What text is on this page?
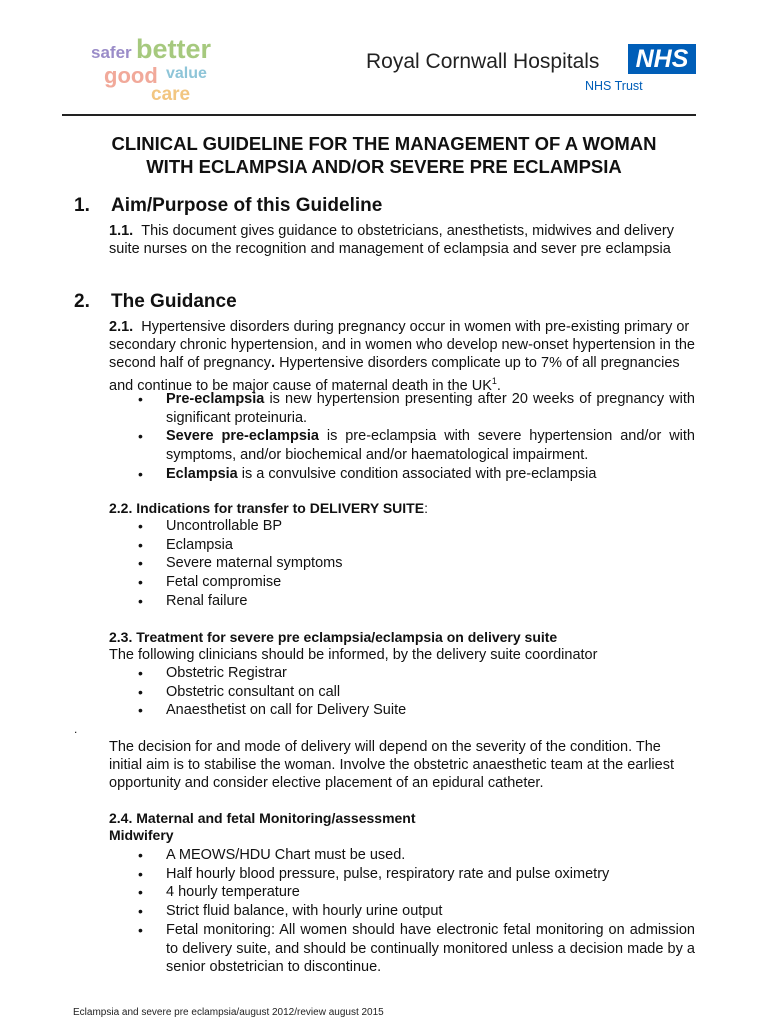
safer better
good value
care
Royal Cornwall Hospitals	NHS
NHS Trust
CLINICAL GUIDELINE FOR THE MANAGEMENT OF A WOMAN
WITH ECLAMPSIA AND/OR SEVERE PRE ECLAMPSIA
1. Aim/Purpose of this Guideline
1.1. This document gives guidance to obstetricians, anesthetists, midwives and delivery suite nurses on the recognition and management of eclampsia and sever pre eclampsia
2. The Guidance
2.1. Hypertensive disorders during pregnancy occur in women with pre-existing primary or secondary chronic hypertension, and in women who develop new-onset hypertension in the second half of pregnancy. Hypertensive disorders complicate up to 7% of all pregnancies and continue to be major cause of maternal death in the $UK^1$.
• Pre-eclampsia is new hypertension presenting after 20 weeks of pregnancy with significant proteinuria.
• Severe pre-eclampsia is pre-eclampsia with severe hypertension and/or with symptoms, and/or biochemical and/or haematological impairment.
• Eclampsia is a convulsive condition associated with pre-eclampsia
2.2. Indications for transfer to DELIVERY SUITE:
• Uncontrollable BP
• Eclampsia
• Severe maternal symptoms
• Fetal compromise
• Renal failure
2.3. Treatment for severe pre eclampsia/eclampsia on delivery suite
The following clinicians should be informed, by the delivery suite coordinator
• Obstetric Registrar
• Obstetric consultant on call
• Anaesthetist on call for Delivery Suite
.
The decision for and mode of delivery will depend on the severity of the condition. The initial aim is to stabilise the woman. Involve the obstetric anaesthetic team at the earliest opportunity and consider elective placement of an epidural catheter.
2.4. Maternal and fetal Monitoring/assessment
Midwifery
• A MEOWS/HDU Chart must be used.
• Half hourly blood pressure, pulse, respiratory rate and pulse oximetry
• 4 hourly temperature
• Strict fluid balance, with hourly urine output
• Fetal monitoring: All women should have electronic fetal monitoring on admission to delivery suite, and should be continually monitored unless a decision made by a senior obstetrician to discontinue.
Eclampsia and severe pre eclampsia/august 2012/review august 2015
